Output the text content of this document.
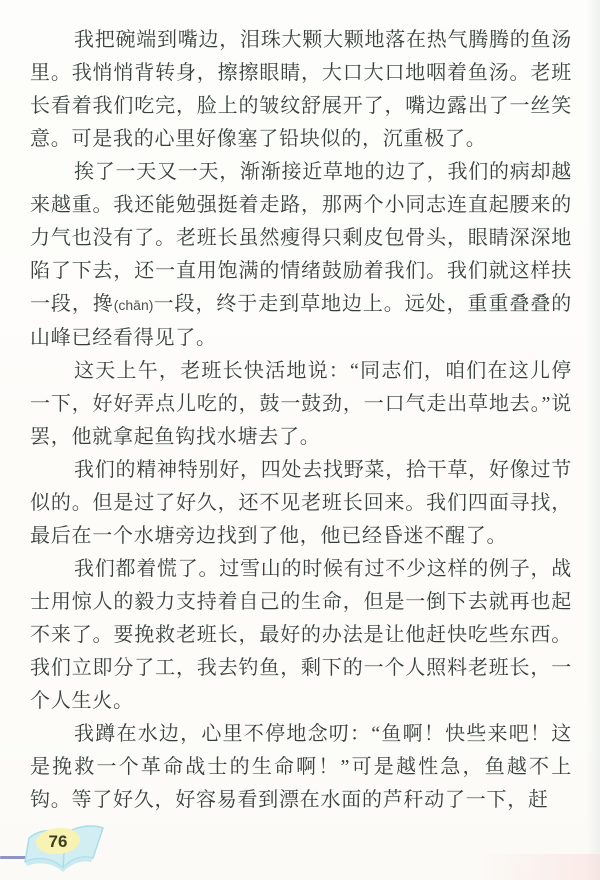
我把碗端到嘴边，泪珠大颗大颗地落在热气腾腾的鱼汤里。我悄悄背转身，擦擦眼睛，大口大口地咽着鱼汤。老班长看着我们吃完，脸上的皱纹舒展开了，嘴边露出了一丝笑意。可是我的心里好像塞了铅块似的，沉重极了。

挨了一天又一天，渐渐接近草地的边了，我们的病却越来越重。我还能勉强挺着走路，那两个小同志连直起腰来的力气也没有了。老班长虽然瘦得只剩皮包骨头，眼睛深深地陷了下去，还一直用饱满的情绪鼓励着我们。我们就这样扶一段，搀(chān)一段，终于走到草地边上。远处，重重叠叠的山峰已经看得见了。

这天上午，老班长快活地说：“同志们，咱们在这儿停一下，好好弄点儿吃的，鼓一鼓劲，一口气走出草地去。”说罢，他就拿起鱼钩找水塘去了。

我们的精神特别好，四处去找野菜，拾干草，好像过节似的。但是过了好久，还不见老班长回来。我们四面寻找，最后在一个水塘旁边找到了他，他已经昏迷不醒了。

我们都着慌了。过雪山的时候有过不少这样的例子，战士用惊人的毅力支持着自己的生命，但是一倒下去就再也起不来了。要挽救老班长，最好的办法是让他赶快吃些东西。我们立即分了工，我去钓鱼，剩下的一个人照料老班长，一个人生火。

我蹲在水边，心里不停地念叨：“鱼啊！快些来吧！这是挽救一个革命战士的生命啊！”可是越性急，鱼越不上钩。等了好久，好容易看到漂在水面的芦秆动了一下，赶

76
